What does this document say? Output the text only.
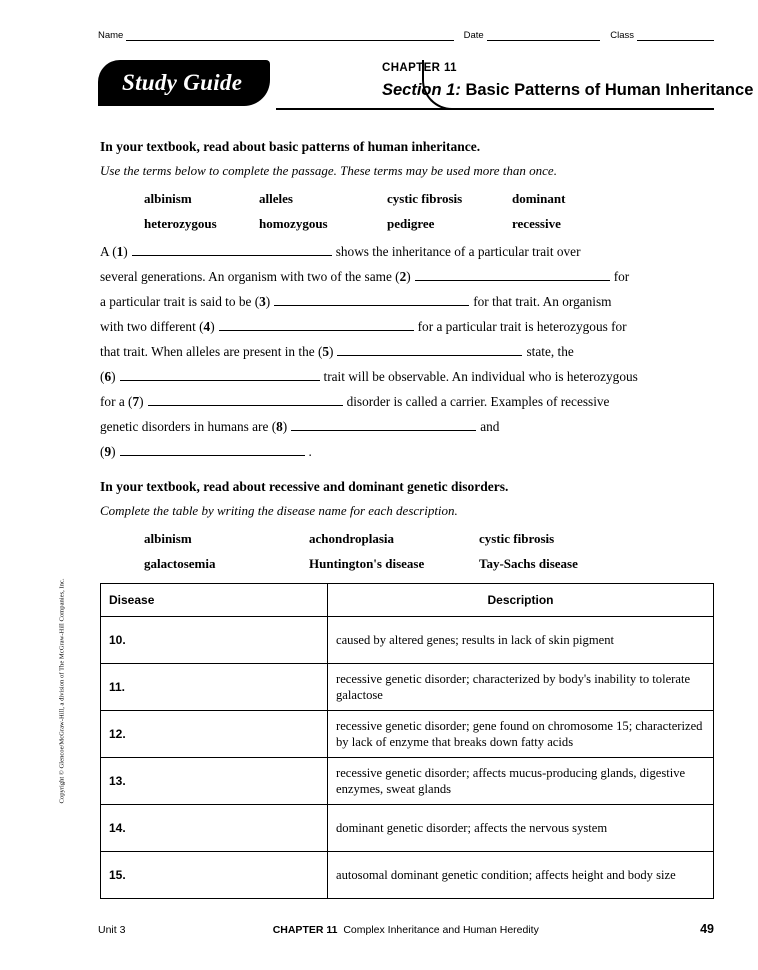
Name	Date	Class
CHAPTER 11
Section 1: Basic Patterns of Human Inheritance
Study Guide
In your textbook, read about basic patterns of human inheritance.
Use the terms below to complete the passage. These terms may be used more than once.
albinism
heterozygous
alleles
homozygous
cystic fibrosis
pedigree
dominant
recessive
A ( 1 )	shows the inheritance of a particular trait over
several generations. An organism with two of the same ( 2 )	for
a particular trait is said to be ( 3 )	for that trait. An organism
with two different ( 4 )	for a particular trait is heterozygous for
that trait. When alleles are present in the ( 5 )	state, the
( 6 )	trait will be observable. An individual who is heterozygous
for a ( 7 )	disorder is called a carrier. Examples of recessive
genetic disorders in humans are ( 8 )	and
( 9 )	.
In your textbook, read about recessive and dominant genetic disorders.
Complete the table by writing the disease name for each description.
albinism
galactosemia
achondroplasia
Huntington's disease
cystic fibrosis
Tay-Sachs disease
Disease	Description
10.	caused by altered genes; results in lack of skin pigment
11.	recessive genetic disorder; characterized by body's inability to tolerate galactose
12.	recessive genetic disorder; gene found on chromosome 15; characterized by lack of enzyme that breaks down fatty acids
13.	recessive genetic disorder; affects mucus-producing glands, digestive enzymes, sweat glands
14.	dominant genetic disorder; affects the nervous system
15.	autosomal dominant genetic condition; affects height and body size
Unit 3	CHAPTER 11 Complex Inheritance and Human Heredity	49
Copyright © Glencoe/McGraw-Hill, a division of The McGraw-Hill Companies, Inc.
